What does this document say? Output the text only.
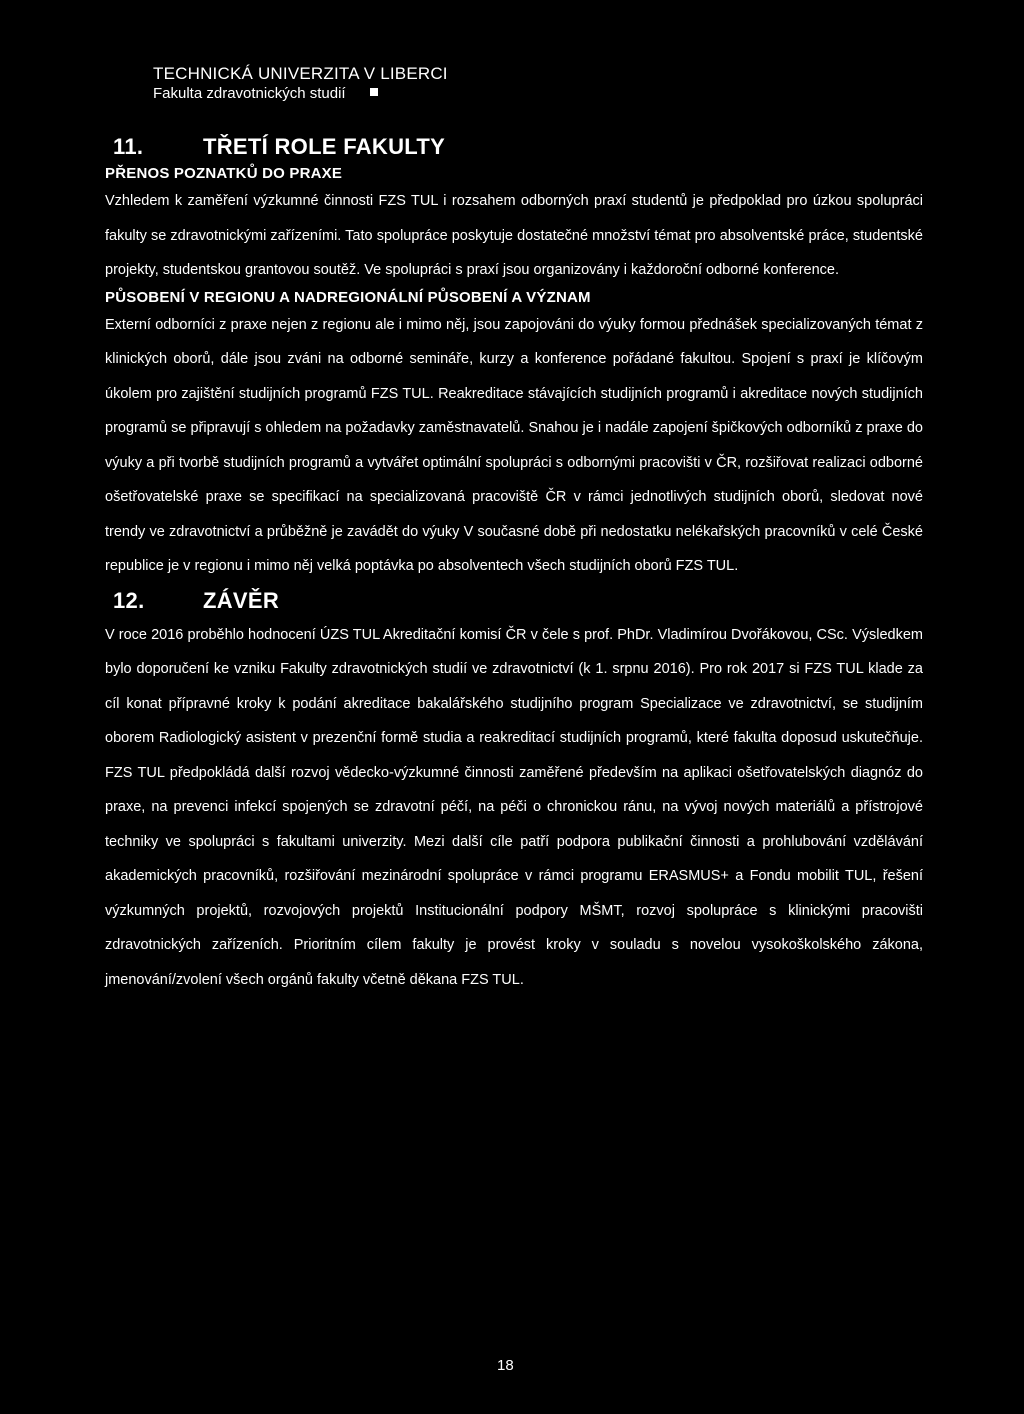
TECHNICKÁ UNIVERZITA V LIBERCI
Fakulta zdravotnických studií
11.	TŘETÍ ROLE FAKULTY
PŘENOS POZNATKŮ DO PRAXE

Vzhledem k zaměření výzkumné činnosti FZS TUL i rozsahem odborných praxí studentů je předpoklad pro úzkou spolupráci fakulty se zdravotnickými zařízeními. Tato spolupráce poskytuje dostatečné množství témat pro absolventské práce, studentské projekty, studentskou grantovou soutěž. Ve spolupráci s praxí jsou organizovány i každoroční odborné konference.

PŮSOBENÍ V REGIONU A NADREGIONÁLNÍ PŮSOBENÍ A VÝZNAM

Externí odborníci z praxe nejen z regionu ale i mimo něj, jsou zapojováni do výuky formou přednášek specializovaných témat z klinických oborů, dále jsou zváni na odborné semináře, kurzy a konference pořádané fakultou. Spojení s praxí je klíčovým úkolem pro zajištění studijních programů FZS TUL. Reakreditace stávajících studijních programů i akreditace nových studijních programů se připravují s ohledem na požadavky zaměstnavatelů. Snahou je i nadále zapojení špičkových odborníků z praxe do výuky a při tvorbě studijních programů a vytvářet optimální spolupráci s odbornými pracovišti v ČR, rozšiřovat realizaci odborné ošetřovatelské praxe se specifikací na specializovaná pracoviště ČR v rámci jednotlivých studijních oborů, sledovat nové trendy ve zdravotnictví a průběžně je zavádět do výuky V současné době při nedostatku nelékařských pracovníků v celé České republice je v regionu i mimo něj velká poptávka po absolventech všech studijních oborů FZS TUL.

12.	ZÁVĚR

V roce 2016 proběhlo hodnocení ÚZS TUL Akreditační komisí ČR v čele s prof. PhDr. Vladimírou Dvořákovou, CSc. Výsledkem bylo doporučení ke vzniku Fakulty zdravotnických studií ve zdravotnictví (k 1. srpnu 2016). Pro rok 2017 si FZS TUL klade za cíl konat přípravné kroky k podání akreditace bakalářského studijního program Specializace ve zdravotnictví, se studijním oborem Radiologický asistent v prezenční formě studia a reakreditací studijních programů, které fakulta doposud uskutečňuje. FZS TUL předpokládá další rozvoj vědecko-výzkumné činnosti zaměřené především na aplikaci ošetřovatelských diagnóz do praxe, na prevenci infekcí spojených se zdravotní péčí, na péči o chronickou ránu, na vývoj nových materiálů a přístrojové techniky ve spolupráci s fakultami univerzity. Mezi další cíle patří podpora publikační činnosti a prohlubování vzdělávání akademických pracovníků, rozšiřování mezinárodní spolupráce v rámci programu ERASMUS+ a Fondu mobilit TUL, řešení výzkumných projektů, rozvojových projektů Institucionální podpory MŠMT, rozvoj spolupráce s klinickými pracovišti zdravotnických zařízeních. Prioritním cílem fakulty je provést kroky v souladu s novelou vysokoškolského zákona, jmenování/zvolení všech orgánů fakulty včetně děkana FZS TUL.

18
